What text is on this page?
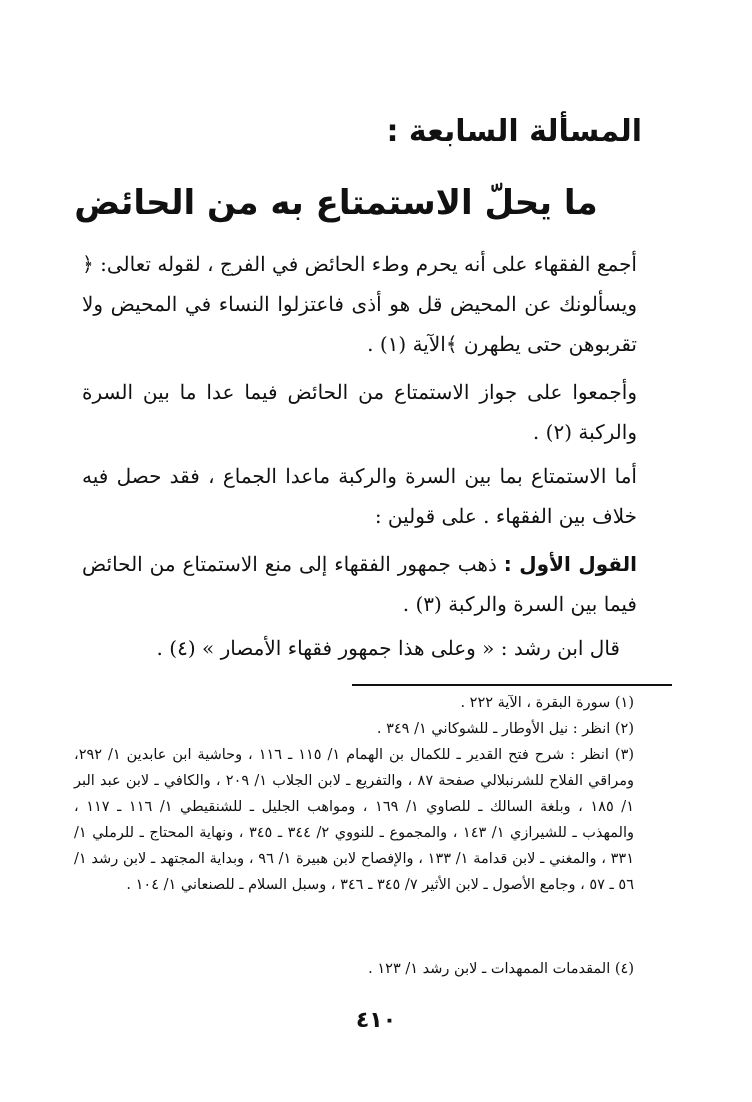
المسألة السابعة :
ما يحلّ الاستمتاع به من الحائض

أجمع الفقهاء على أنه يحرم وطء الحائض في الفرج ، لقوله تعالى: ﴿ ويسألونك عن المحيض قل هو أذى فاعتزلوا النساء في المحيض ولا تقربوهن حتى يطهرن ﴾الآية (١) .

وأجمعوا على جواز الاستمتاع من الحائض فيما عدا ما بين السرة والركبة (٢) .

أما الاستمتاع بما بين السرة والركبة ماعدا الجماع ، فقد حصل فيه خلاف بين الفقهاء . على قولين :

القول الأول : ذهب جمهور الفقهاء إلى منع الاستمتاع من الحائض فيما بين السرة والركبة (٣) .

قال ابن رشد : « وعلى هذا جمهور فقهاء الأمصار » (٤) .

(١) سورة البقرة ، الآية ٢٢٢ .

(٢) انظر : نيل الأوطار ـ للشوكاني ١/ ٣٤٩ .

(٣) انظر : شرح فتح القدير ـ للكمال بن الهمام ١/ ١١٥ ـ ١١٦ ، وحاشية ابن عابدين ١/ ٢٩٢، ومراقي الفلاح للشرنبلالي صفحة ٨٧ ، والتفريع ـ لابن الجلاب ١/ ٢٠٩ ، والكافي ـ لابن عبد البر ١/ ١٨٥ ، وبلغة السالك ـ للصاوي ١/ ١٦٩ ، ومواهب الجليل ـ للشنقيطي ١/ ١١٦ ـ ١١٧ ، والمهذب ـ للشيرازي ١/ ١٤٣ ، والمجموع ـ للنووي ٢/ ٣٤٤ ـ ٣٤٥ ، ونهاية المحتاج ـ للرملي ١/ ٣٣١ ، والمغني ـ لابن قدامة ١/ ١٣٣ ، والإفصاح لابن هبيرة ١/ ٩٦ ، وبداية المجتهد ـ لابن رشد ١/ ٥٦ ـ ٥٧ ، وجامع الأصول ـ لابن الأثير ٧/ ٣٤٥ ـ ٣٤٦ ، وسبل السلام ـ للصنعاني ١/ ١٠٤ .

(٤) المقدمات الممهدات ـ لابن رشد ١/ ١٢٣ .

٤١٠
